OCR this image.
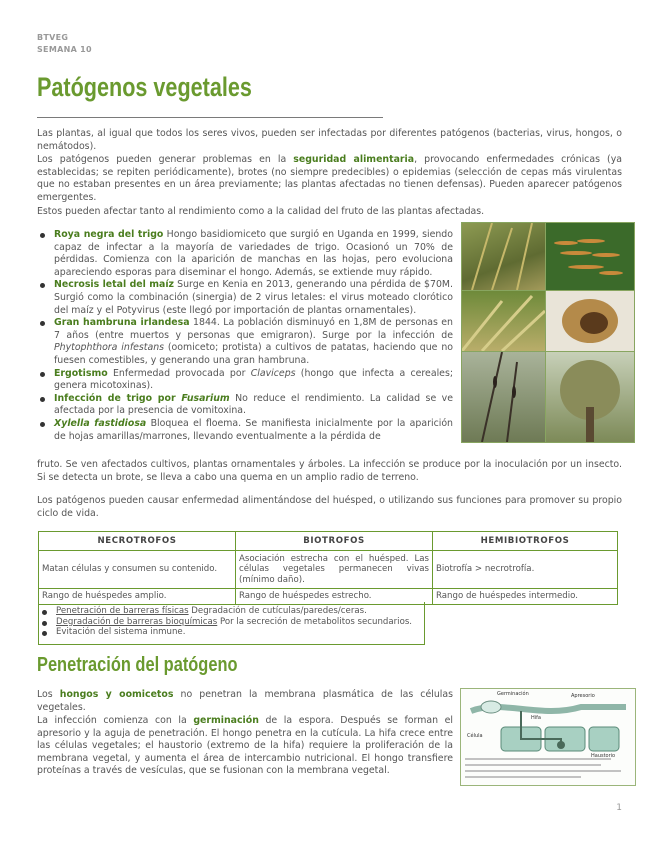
BTVEG
SEMANA 10
Patógenos vegetales

Las plantas, al igual que todos los seres vivos, pueden ser infectadas por diferentes patógenos (bacterias, virus, hongos, o nemátodos).

Los patógenos pueden generar problemas en la seguridad alimentaria, provocando enfermedades crónicas (ya establecidas; se repiten periódicamente), brotes (no siempre predecibles) o epidemias (selección de cepas más virulentas que no estaban presentes en un área previamente; las plantas afectadas no tienen defensas). Pueden aparecer patógenos emergentes.

Estos pueden afectar tanto al rendimiento como a la calidad del fruto de las plantas afectadas.

Roya negra del trigo Hongo basidiomiceto que surgió en Uganda en 1999, siendo capaz de infectar a la mayoría de variedades de trigo. Ocasionó un 70% de pérdidas. Comienza con la aparición de manchas en las hojas, pero evoluciona apareciendo esporas para diseminar el hongo. Además, se extiende muy rápido.
Necrosis letal del maíz Surge en Kenia en 2013, generando una pérdida de $70M. Surgió como la combinación (sinergia) de 2 virus letales: el virus moteado clorótico del maíz y el Potyvirus (este llegó por importación de plantas ornamentales).
Gran hambruna irlandesa 1844. La población disminuyó en 1,8M de personas en 7 años (entre muertos y personas que emigraron). Surge por la infección de Phytophthora infestans (oomiceto; protista) a cultivos de patatas, haciendo que no fuesen comestibles, y generando una gran hambruna.
Ergotismo Enfermedad provocada por Claviceps (hongo que infecta a cereales; genera micotoxinas).
Infección de trigo por Fusarium No reduce el rendimiento. La calidad se ve afectada por la presencia de vomitoxina.
Xylella fastidiosa Bloquea el floema. Se manifiesta inicialmente por la aparición de hojas amarillas/marrones, llevando eventualmente a la pérdida de

fruto. Se ven afectados cultivos, plantas ornamentales y árboles. La infección se produce por la inoculación por un insecto. Si se detecta un brote, se lleva a cabo una quema en un amplio radio de terreno.

Los patógenos pueden causar enfermedad alimentándose del huésped, o utilizando sus funciones para promover su propio ciclo de vida.

NECROTROFOS	BIOTROFOS	HEMIBIOTROFOS
Matan células y consumen su contenido.	Asociación estrecha con el huésped. Las células vegetales permanecen vivas (mínimo daño).	Biotrofía > necrotrofía.
Rango de huéspedes amplio.	Rango de huéspedes estrecho.	Rango de huéspedes intermedio.
Penetración de barreras físicas Degradación de cutículas/paredes/ceras.
Degradación de barreras bioquímicas Por la secreción de metabolitos secundarios.
Evitación del sistema inmune.
Penetración del patógeno

Los hongos y oomicetos no penetran la membrana plasmática de las células vegetales.

La infección comienza con la germinación de la espora. Después se forman el apresorio y la aguja de penetración. El hongo penetra en la cutícula. La hifa crece entre las células vegetales; el haustorio (extremo de la hifa) requiere la proliferación de la membrana vegetal, y aumenta el área de intercambio nutricional. El hongo transfiere proteínas a través de vesículas, que se fusionan con la membrana vegetal.

Germinación	Apresorio
Hifa
Célula
Haustorio
1
